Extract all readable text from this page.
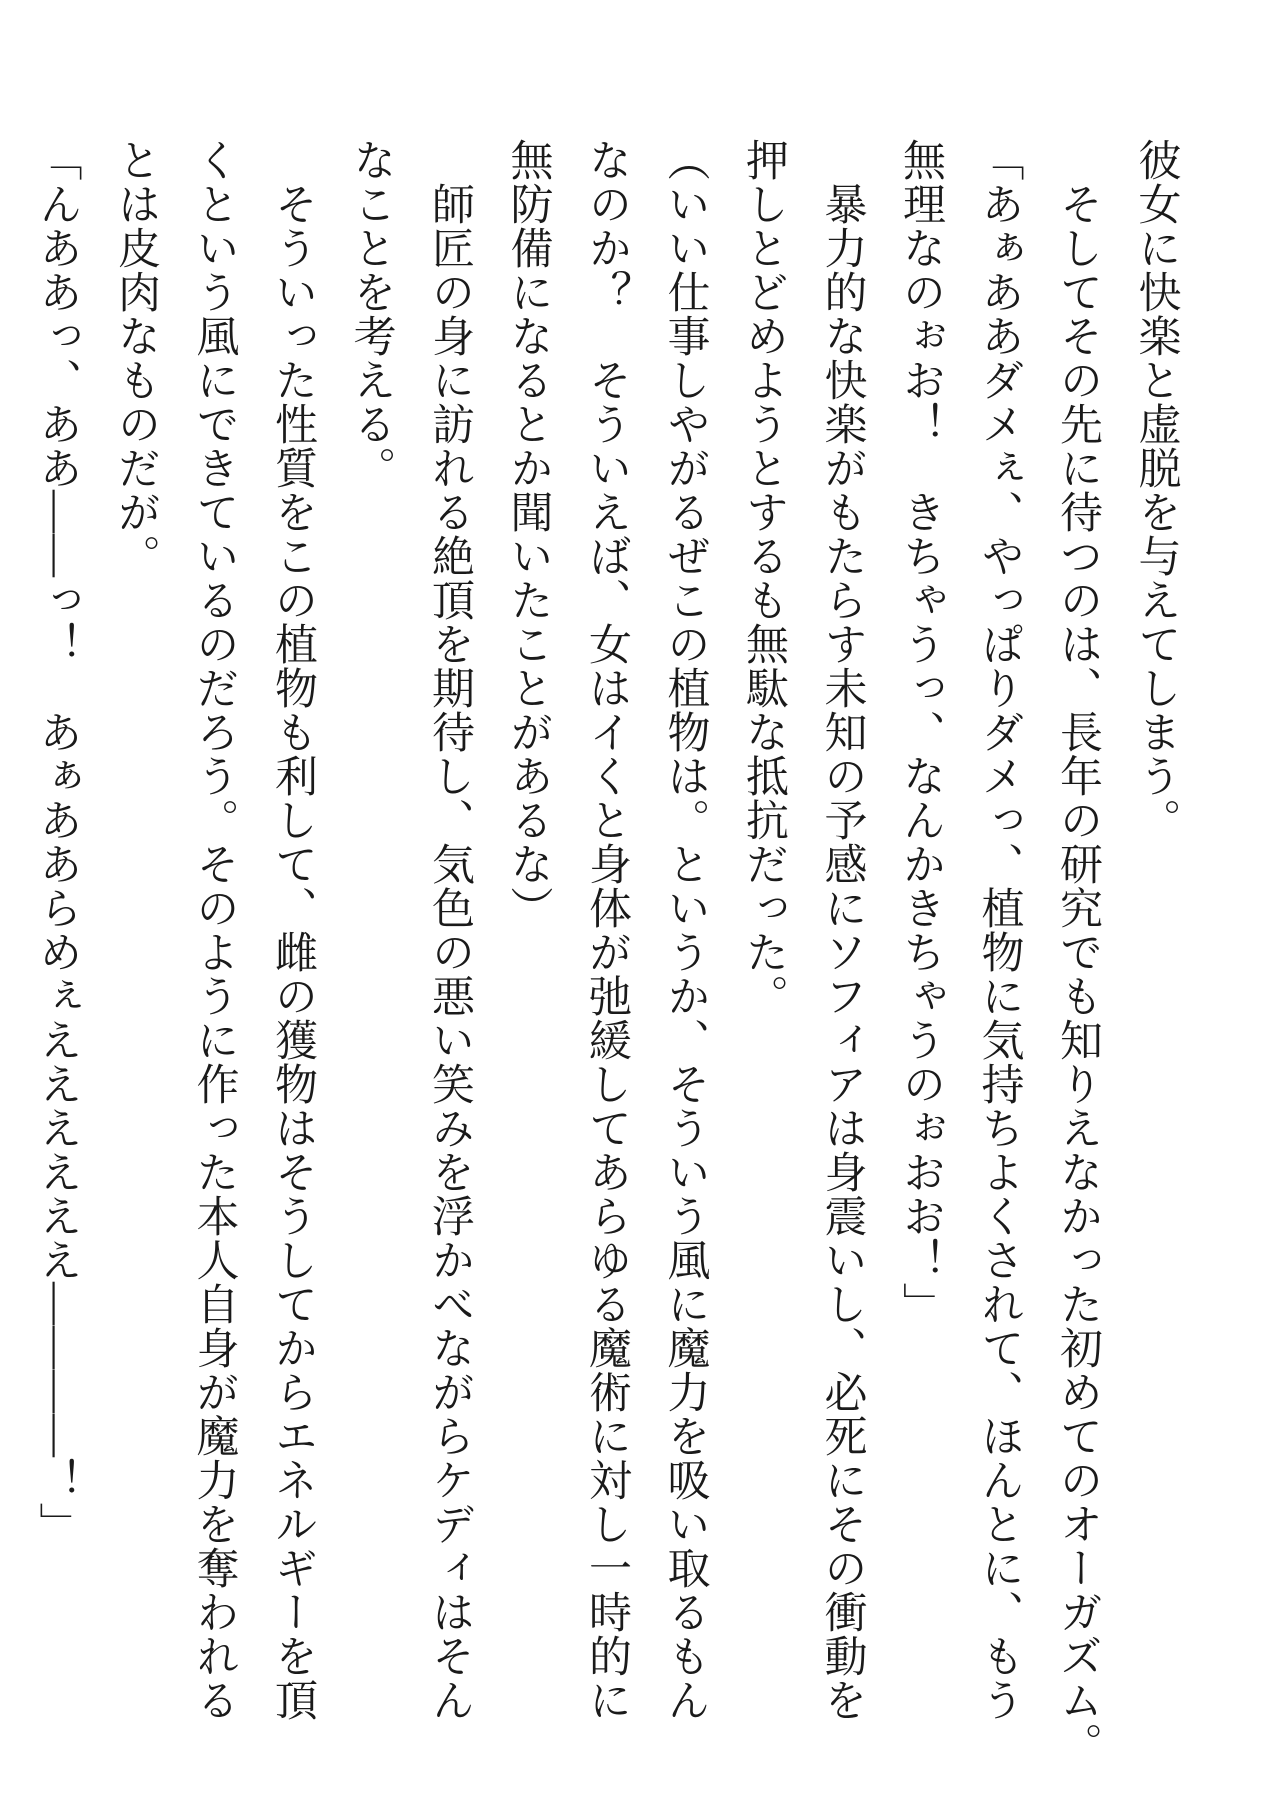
彼女に快楽と虚脱を与えてしまう。

　そしてその先に待つのは、長年の研究でも知りえなかった初めてのオーガズム。

「あぁああダメぇ、やっぱりダメっ、植物に気持ちよくされて、ほんとに、もう

無理なのぉお！　きちゃうっ、なんかきちゃうのぉおお！」

　暴力的な快楽がもたらす未知の予感にソフィアは身震いし、必死にその衝動を

押しとどめようとするも無駄な抵抗だった。

（いい仕事しやがるぜこの植物は。というか、そういう風に魔力を吸い取るもん

なのか？　そういえば、女はイくと身体が弛緩してあらゆる魔術に対し一時的に

無防備になるとか聞いたことがあるな）

　師匠の身に訪れる絶頂を期待し、気色の悪い笑みを浮かべながらケディはそん

なことを考える。

　そういった性質をこの植物も利して、雌の獲物はそうしてからエネルギーを頂

くという風にできているのだろう。そのように作った本人自身が魔力を奪われる

とは皮肉なものだが。

「んああっ、ああ――っ！　あぁああらめぇええええええ――――！」
